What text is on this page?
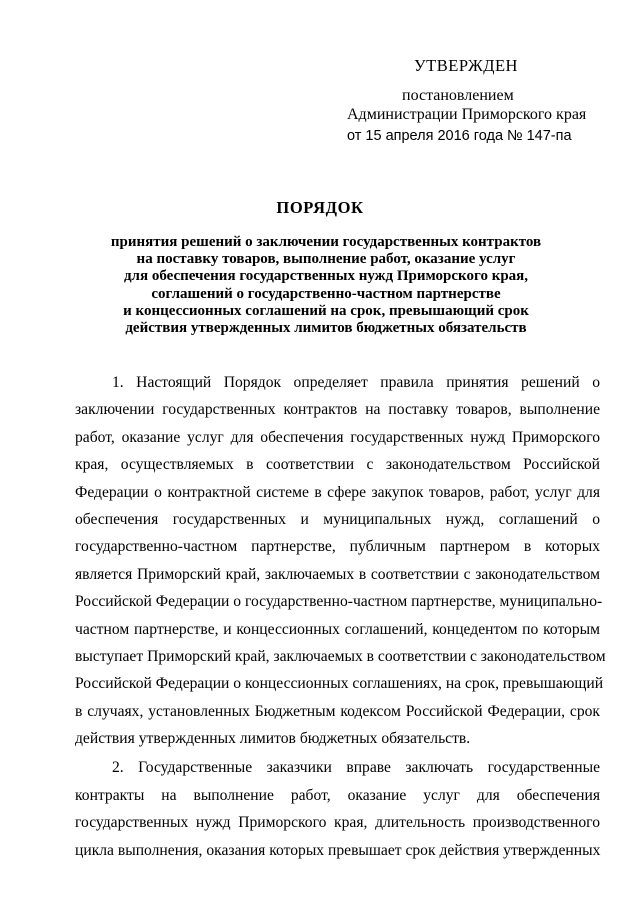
УТВЕРЖДЕН
постановлением
Администрации Приморского края
от 15 апреля 2016 года № 147-па
ПОРЯДОК
принятия решений о заключении государственных контрактов
на поставку товаров, выполнение работ, оказание услуг
для обеспечения государственных нужд Приморского края,
соглашений о государственно-частном партнерстве
и концессионных соглашений на срок, превышающий срок
действия утвержденных лимитов бюджетных обязательств
1. Настоящий Порядок определяет правила принятия решений о
заключении государственных контрактов на поставку товаров, выполнение
работ, оказание услуг для обеспечения государственных нужд Приморского
края, осуществляемых в соответствии с законодательством Российской
Федерации о контрактной системе в сфере закупок товаров, работ, услуг для
обеспечения государственных и муниципальных нужд, соглашений о
государственно-частном партнерстве, публичным партнером в которых
является Приморский край, заключаемых в соответствии с законодательством
Российской Федерации о государственно-частном партнерстве, муниципально-
частном партнерстве, и концессионных соглашений, концедентом по которым
выступает Приморский край, заключаемых в соответствии с законодательством
Российской Федерации о концессионных соглашениях, на срок, превышающий
в случаях, установленных Бюджетным кодексом Российской Федерации, срок
действия утвержденных лимитов бюджетных обязательств.
2. Государственные заказчики вправе заключать государственные
контракты на выполнение работ, оказание услуг для обеспечения
государственных нужд Приморского края, длительность производственного
цикла выполнения, оказания которых превышает срок действия утвержденных
